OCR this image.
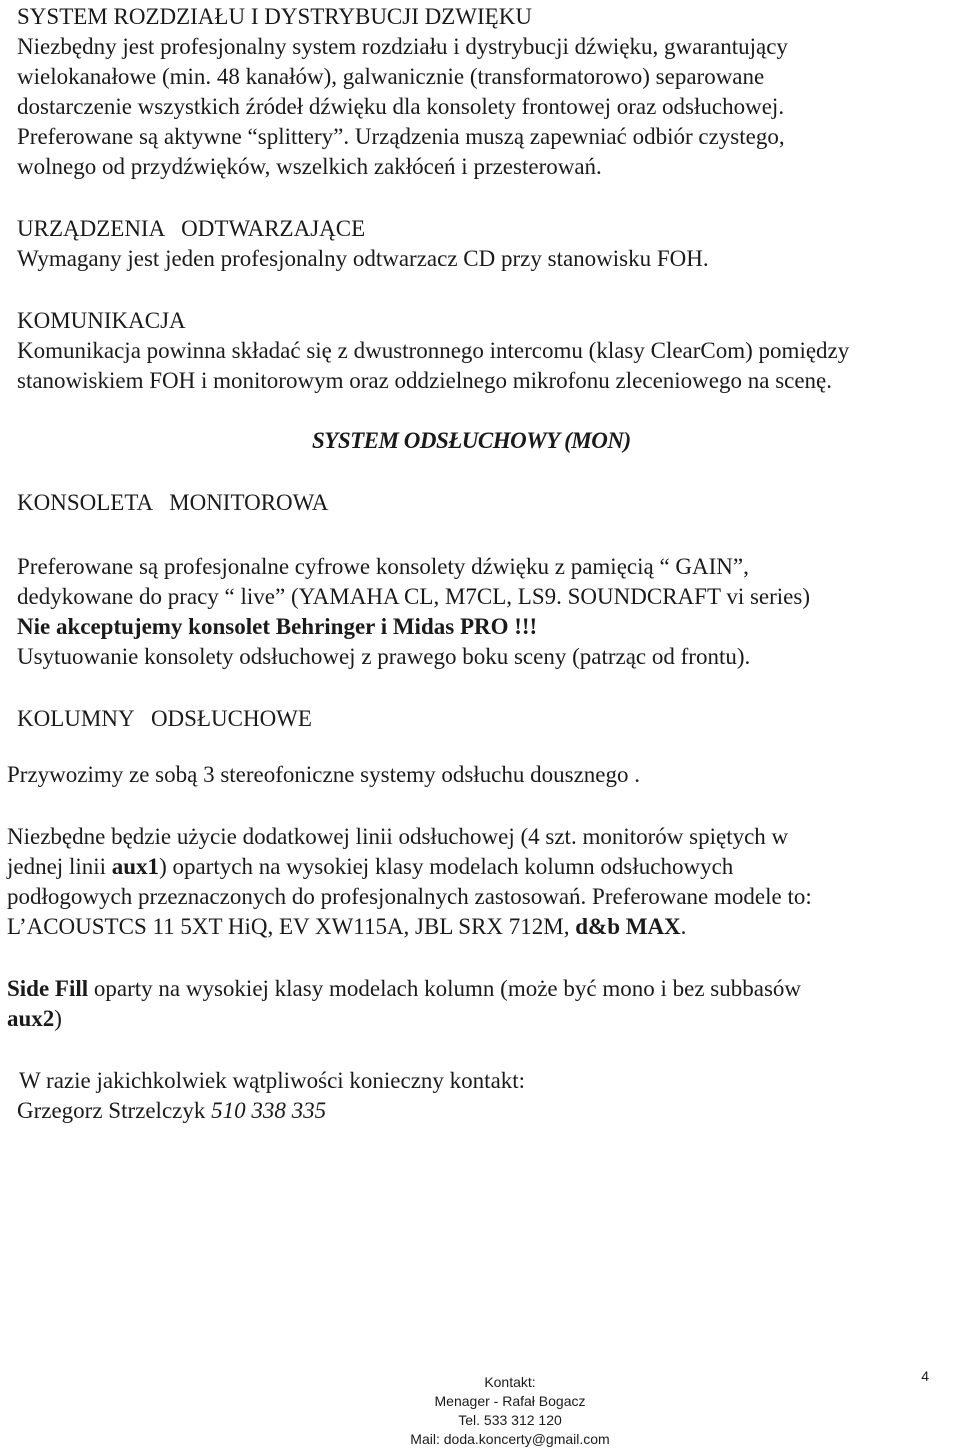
SYSTEM ROZDZIAŁU I DYSTRYBUCJI DZWIĘKU

Niezbędny jest profesjonalny system rozdziału i dystrybucji dźwięku, gwarantujący

wielokanałowe (min. 48 kanałów), galwanicznie (transformatorowo) separowane

dostarczenie wszystkich źródeł dźwięku dla konsolety frontowej oraz odsłuchowej.

Preferowane są aktywne “splittery”. Urządzenia muszą zapewniać odbiór czystego,

wolnego od przydźwięków, wszelkich zakłóceń i przesterowań.

URZĄDZENIA   ODTWARZAJĄCE

Wymagany jest jeden profesjonalny odtwarzacz CD przy stanowisku FOH.

KOMUNIKACJA

Komunikacja powinna składać się z dwustronnego intercomu (klasy ClearCom) pomiędzy

stanowiskiem FOH i monitorowym oraz oddzielnego mikrofonu zleceniowego na scenę.

SYSTEM ODSŁUCHOWY (MON)

KONSOLETA   MONITOROWA

Preferowane są profesjonalne cyfrowe konsolety dźwięku z pamięcią “ GAIN”,

dedykowane do pracy “ live” (YAMAHA CL, M7CL, LS9. SOUNDCRAFT vi series)

Nie akceptujemy konsolet Behringer i Midas PRO !!!

Usytuowanie konsolety odsłuchowej z prawego boku sceny (patrząc od frontu).

KOLUMNY   ODSŁUCHOWE

Przywozimy ze sobą 3 stereofoniczne systemy odsłuchu dousznego .

Niezbędne będzie użycie dodatkowej linii odsłuchowej (4 szt. monitorów spiętych w

jednej linii aux1) opartych na wysokiej klasy modelach kolumn odsłuchowych

podłogowych przeznaczonych do profesjonalnych zastosowań. Preferowane modele to:

L’ACOUSTCS 11 5XT HiQ, EV XW115A, JBL SRX 712M, d&b MAX.

Side Fill oparty na wysokiej klasy modelach kolumn (może być mono i bez subbasów

aux2)

W razie jakichkolwiek wątpliwości konieczny kontakt:

Grzegorz Strzelczyk 510 338 335

Kontakt:

Menager - Rafał Bogacz

Tel. 533 312 120

Mail: doda.koncerty@gmail.com

4
